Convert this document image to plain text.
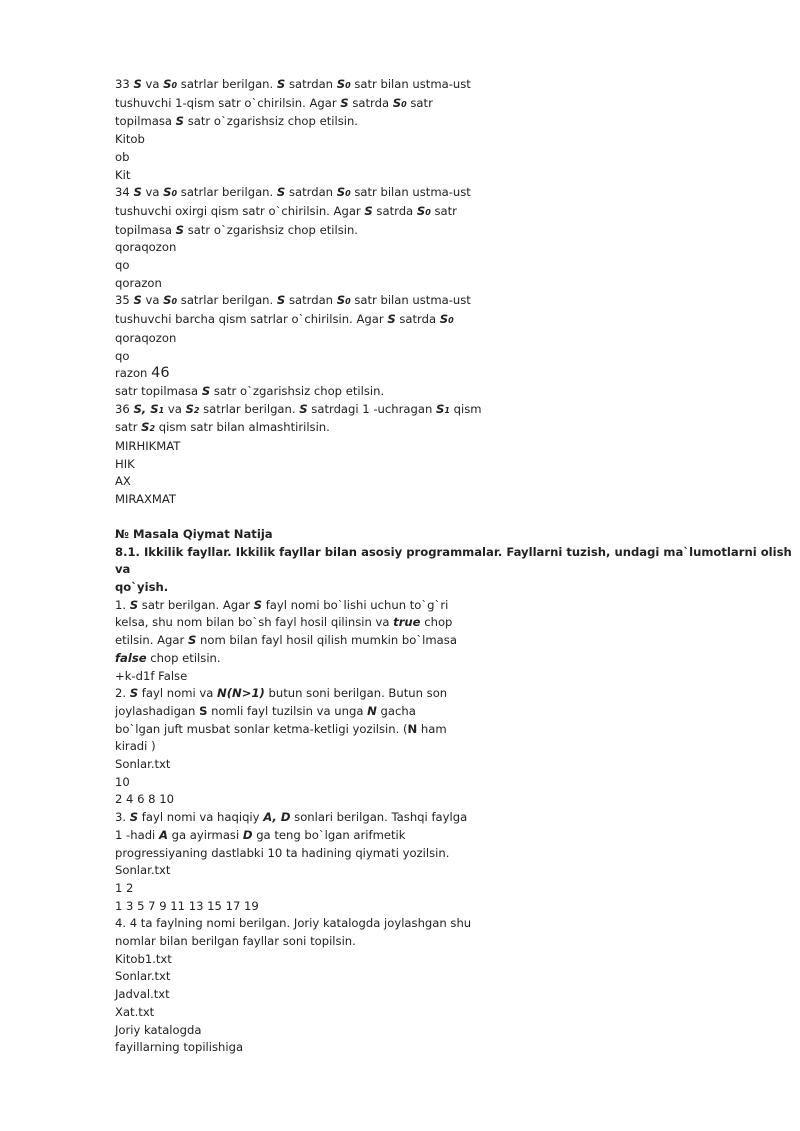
33 S va S0 satrlar berilgan. S satrdan S0 satr bilan ustma-ust
tushuvchi 1-qism satr o`chirilsin. Agar S satrda S0 satr
topilmasa S satr o`zgarishsiz chop etilsin.
Kitob
ob
Kit
34 S va S0 satrlar berilgan. S satrdan S0 satr bilan ustma-ust
tushuvchi oxirgi qism satr o`chirilsin. Agar S satrda S0 satr
topilmasa S satr o`zgarishsiz chop etilsin.
qoraqozon
qo
qorazon
35 S va S0 satrlar berilgan. S satrdan S0 satr bilan ustma-ust
tushuvchi barcha qism satrlar o`chirilsin. Agar S satrda S0
qoraqozon
qo
razon 46
satr topilmasa S satr o`zgarishsiz chop etilsin.
36 S, S1 va S2 satrlar berilgan. S satrdagi 1 -uchragan S1 qism
satr S2 qism satr bilan almashtirilsin.
MIRHIKMAT
HIK
AX
MIRAXMAT
№ Masala Qiymat Natija
8.1. Ikkilik fayllar. Ikkilik fayllar bilan asosiy programmalar. Fayllarni tuzish, undagi ma`lumotlarni olish
va
qo`yish.
1. S satr berilgan. Agar S fayl nomi bo`lishi uchun to`g`ri
kelsa, shu nom bilan bo`sh fayl hosil qilinsin va true chop
etilsin. Agar S nom bilan fayl hosil qilish mumkin bo`lmasa
false chop etilsin.
+k-d1f False
2. S fayl nomi va N(N>1) butun soni berilgan. Butun son
joylashadigan S nomli fayl tuzilsin va unga N gacha
bo`lgan juft musbat sonlar ketma-ketligi yozilsin. (N ham
kiradi )
Sonlar.txt
10
2 4 6 8 10
3. S fayl nomi va haqiqiy A, D sonlari berilgan. Tashqi faylga
1 -hadi A ga ayirmasi D ga teng bo`lgan arifmetik
progressiyaning dastlabki 10 ta hadining qiymati yozilsin.
Sonlar.txt
1 2
1 3 5 7 9 11 13 15 17 19
4. 4 ta faylning nomi berilgan. Joriy katalogda joylashgan shu
nomlar bilan berilgan fayllar soni topilsin.
Kitob1.txt
Sonlar.txt
Jadval.txt
Xat.txt
Joriy katalogda
fayillarning topilishiga
